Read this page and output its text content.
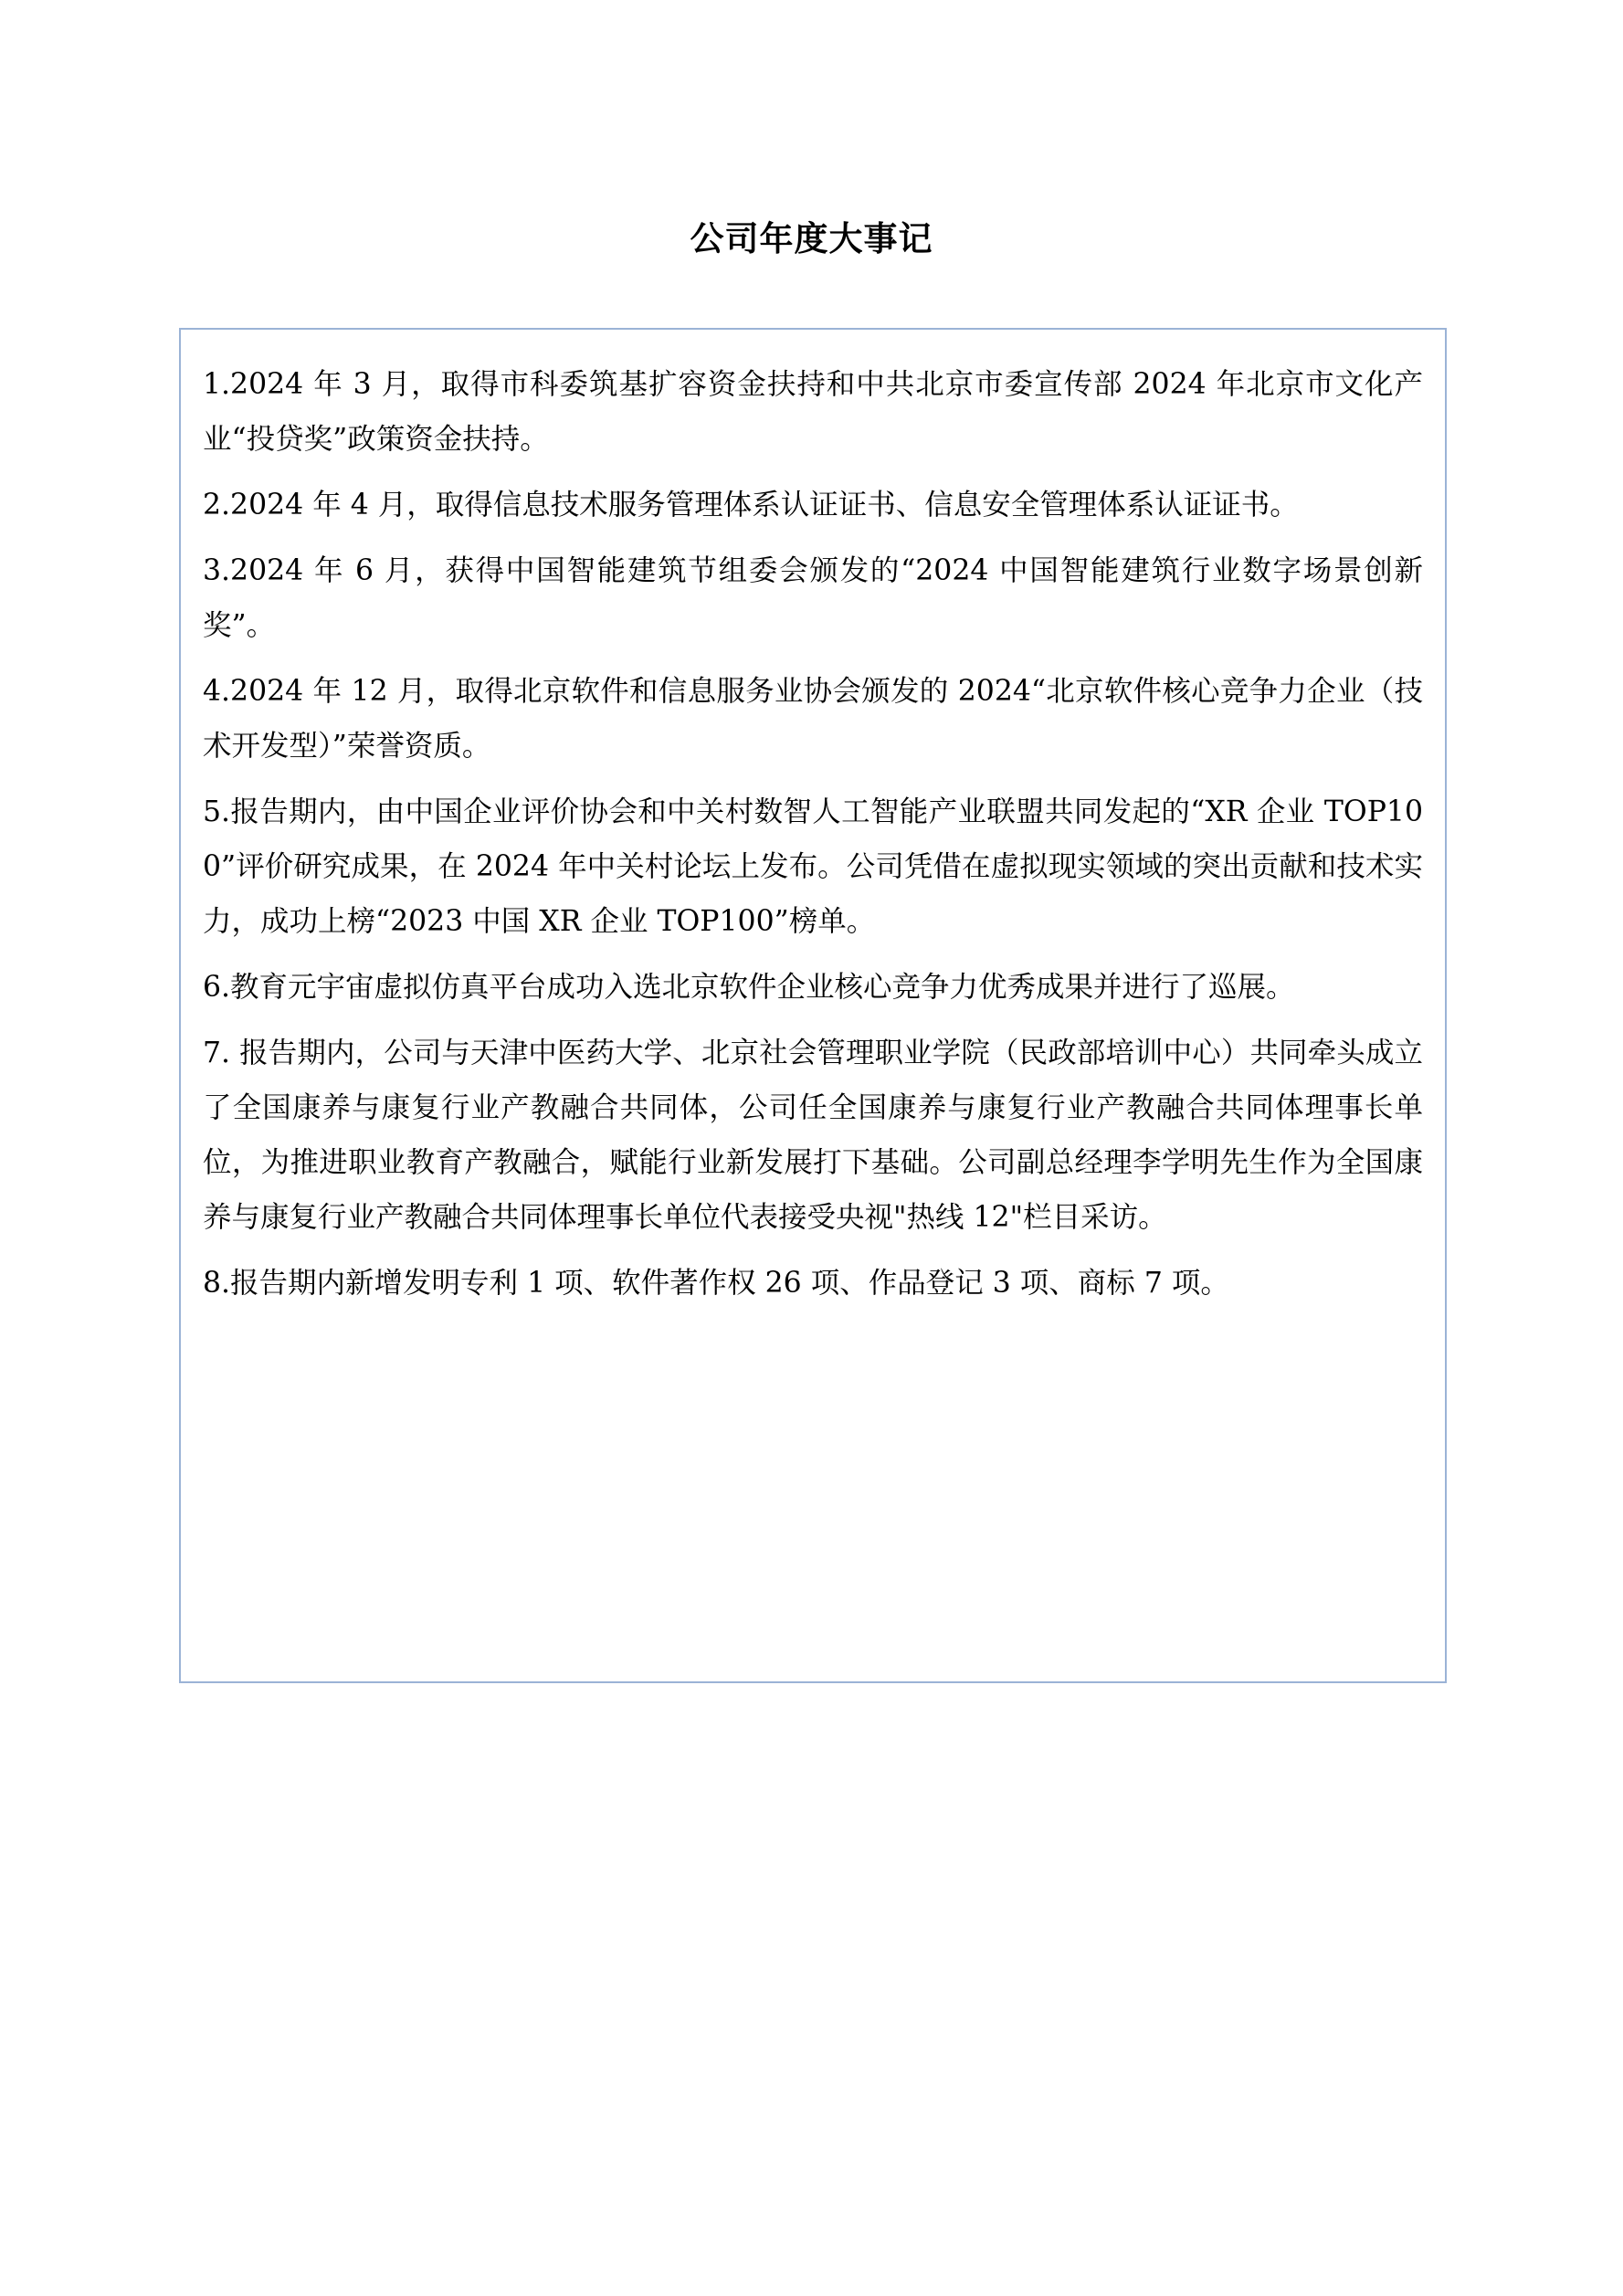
公司年度大事记
1.2024 年 3 月，取得市科委筑基扩容资金扶持和中共北京市委宣传部 2024 年北京市文化产业“投贷奖”政策资金扶持。
2.2024 年 4 月，取得信息技术服务管理体系认证证书、信息安全管理体系认证证书。
3.2024 年 6 月，获得中国智能建筑节组委会颁发的“2024 中国智能建筑行业数字场景创新奖”。
4.2024 年 12 月，取得北京软件和信息服务业协会颁发的 2024“北京软件核心竞争力企业（技术开发型）”荣誉资质。
5.报告期内，由中国企业评价协会和中关村数智人工智能产业联盟共同发起的“XR 企业 TOP100”评价研究成果，在 2024 年中关村论坛上发布。公司凭借在虚拟现实领域的突出贡献和技术实力，成功上榜“2023 中国 XR 企业 TOP100”榜单。
6.教育元宇宙虚拟仿真平台成功入选北京软件企业核心竞争力优秀成果并进行了巡展。
7. 报告期内，公司与天津中医药大学、北京社会管理职业学院（民政部培训中心）共同牵头成立了全国康养与康复行业产教融合共同体，公司任全国康养与康复行业产教融合共同体理事长单位，为推进职业教育产教融合，赋能行业新发展打下基础。公司副总经理李学明先生作为全国康养与康复行业产教融合共同体理事长单位代表接受央视"热线 12"栏目采访。
8.报告期内新增发明专利 1 项、软件著作权 26 项、作品登记 3 项、商标 7 项。
